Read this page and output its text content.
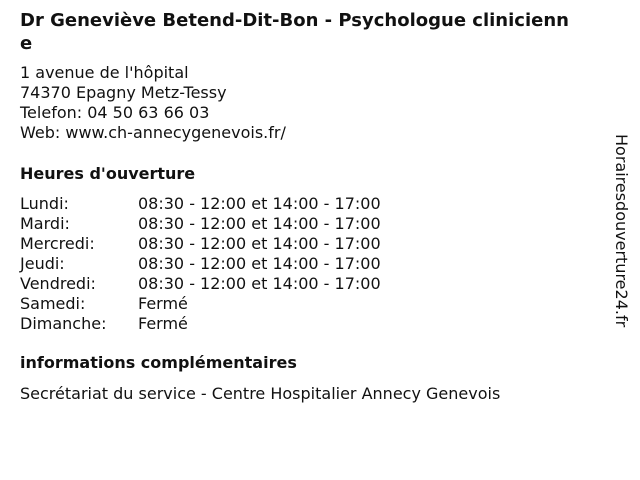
Dr Geneviève Betend-Dit-Bon - Psychologue clinicienne
1 avenue de l'hôpital
74370 Epagny Metz-Tessy
Telefon: 04 50 63 66 03
Web: www.ch-annecygenevois.fr/
Heures d'ouverture
Lundi:	08:30 - 12:00 et 14:00 - 17:00
Mardi:	08:30 - 12:00 et 14:00 - 17:00
Mercredi:	08:30 - 12:00 et 14:00 - 17:00
Jeudi:	08:30 - 12:00 et 14:00 - 17:00
Vendredi:	08:30 - 12:00 et 14:00 - 17:00
Samedi:	Fermé
Dimanche:	Fermé
informations complémentaires
Secrétariat du service - Centre Hospitalier Annecy Genevois
Horairesdouverture24.fr
